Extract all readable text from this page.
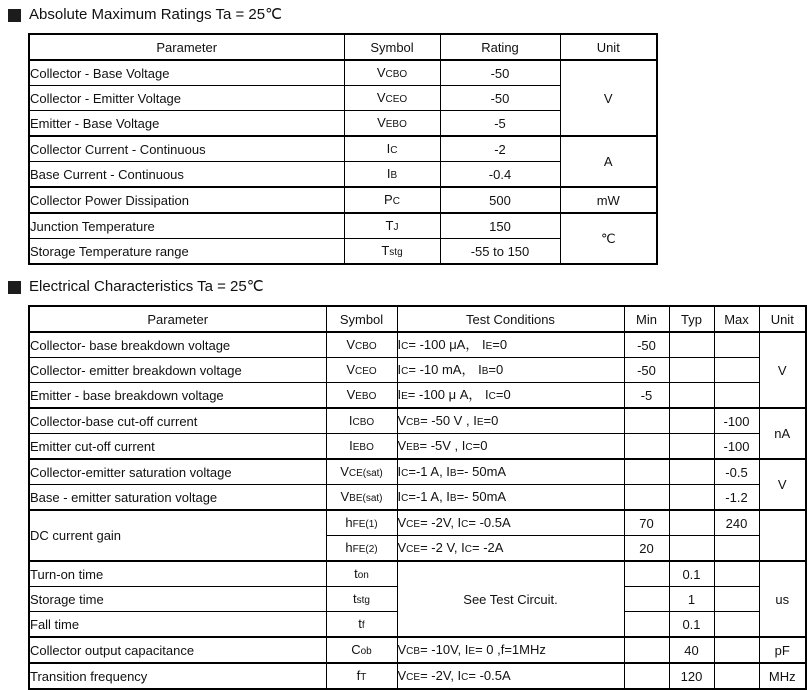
Absolute Maximum Ratings Ta = 25℃
Parameter	Symbol	Rating	Unit
Collector - Base Voltage	VCBO	-50	V
Collector - Emitter Voltage	VCEO	-50	
Emitter - Base Voltage	VEBO	-5	
Collector Current - Continuous	IC	-2	A
Base Current - Continuous	IB	-0.4	
Collector Power Dissipation	PC	500	mW
Junction Temperature	TJ	150	℃
Storage Temperature range	Tstg	-55 to 150	
Electrical Characteristics Ta = 25℃
Parameter	Symbol	Test Conditions	Min	Typ	Max	Unit
Collector- base breakdown voltage	VCBO	IC= -100 μA， IE=0	-50			V
Collector- emitter breakdown voltage	VCEO	IC= -10 mA， IB=0	-50			
Emitter - base breakdown voltage	VEBO	IE= -100 μ A， IC=0	-5			
Collector-base cut-off current	ICBO	VCB= -50 V , IE=0			-100	nA
Emitter cut-off current	IEBO	VEB= -5V , IC=0			-100	
Collector-emitter saturation voltage	VCE(sat)	IC=-1 A, IB=- 50mA			-0.5	V
Base - emitter saturation voltage	VBE(sat)	IC=-1 A, IB=- 50mA			-1.2	
DC current gain	hFE(1)	VCE= -2V, IC= -0.5A	70		240	
	hFE(2)	VCE= -2 V, IC= -2A	20			
Turn-on time	ton	See Test Circuit.		0.1		us
Storage time	tstg			1		
Fall time	tf			0.1		
Collector output capacitance	Cob	VCB= -10V, IE= 0 ,f=1MHz		40		pF
Transition frequency	fT	VCE= -2V, IC= -0.5A		120		MHz
